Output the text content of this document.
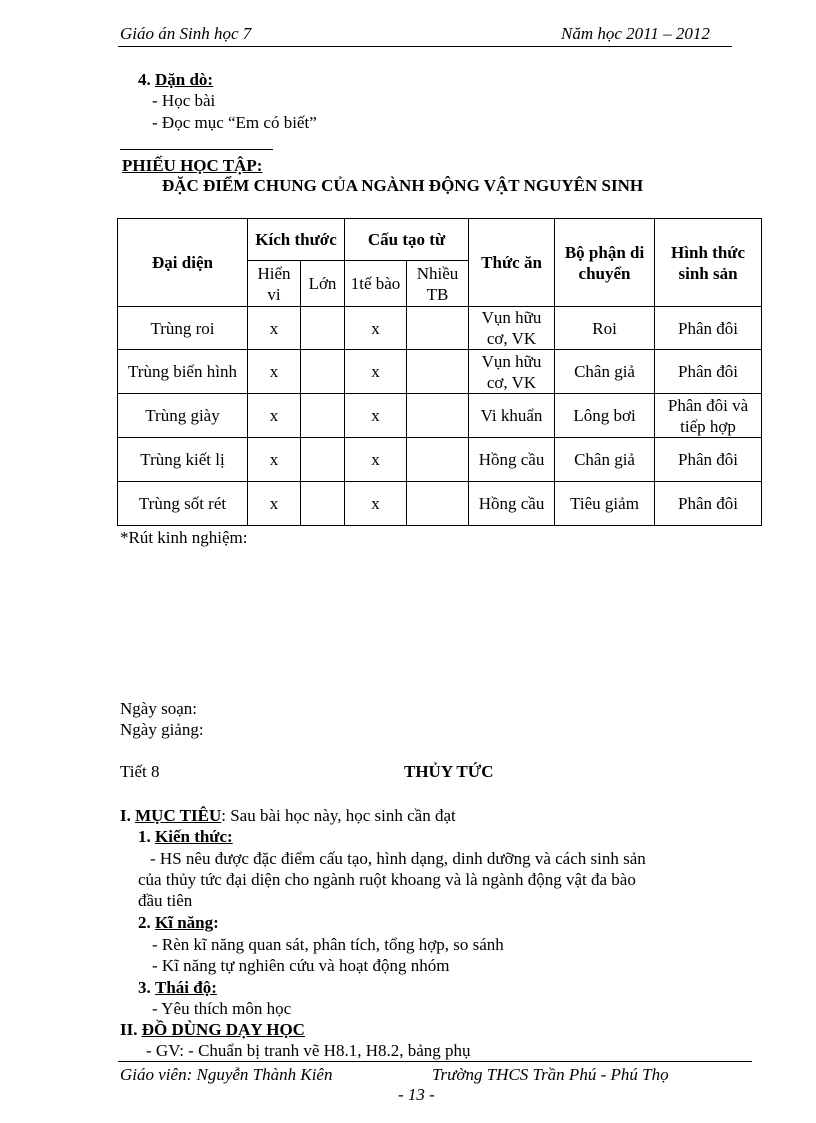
Giáo án Sinh học 7	Năm học 2011 – 2012
4. Dặn dò:
- Học bài
- Đọc mục “Em có biết”
PHIẾU HỌC TẬP:
ĐẶC ĐIỂM CHUNG CỦA NGÀNH ĐỘNG VẬT NGUYÊN SINH
Đại diện	Kích thước		Cấu tạo từ		Thức ăn	Bộ phận di chuyển	Hình thức sinh sản
	Hiển vi	Lớn	1tế bào	Nhiều TB			
Trùng roi	x		x		Vụn hữu cơ, VK	Roi	Phân đôi
Trùng biến hình	x		x		Vụn hữu cơ, VK	Chân giả	Phân đôi
Trùng giày	x		x		Vi khuẩn	Lông bơi	Phân đôi và tiếp hợp
Trùng kiết lị	x		x		Hồng cầu	Chân giả	Phân đôi
Trùng sốt rét	x		x		Hồng cầu	Tiêu giảm	Phân đôi
*Rút kinh nghiệm:
Ngày soạn:
Ngày giảng:
Tiết 8	THỦY TỨC
I. MỤC TIÊU: Sau bài học này, học sinh cần đạt
1. Kiến thức:
- HS nêu được đặc điểm cấu tạo, hình dạng, dinh dưỡng và cách sinh sản
của thủy tức đại diện cho ngành ruột khoang và là ngành động vật đa bào
đầu tiên
2. Kĩ năng:
- Rèn kĩ năng quan sát, phân tích, tổng hợp, so sánh
- Kĩ năng tự nghiên cứu và hoạt động nhóm
3. Thái độ:
- Yêu thích môn học
II. ĐỒ DÙNG DẠY HỌC
- GV: - Chuẩn bị tranh vẽ H8.1, H8.2, bảng phụ
Giáo viên: Nguyễn Thành Kiên	Trường THCS Trần Phú - Phú Thọ
- 13 -
